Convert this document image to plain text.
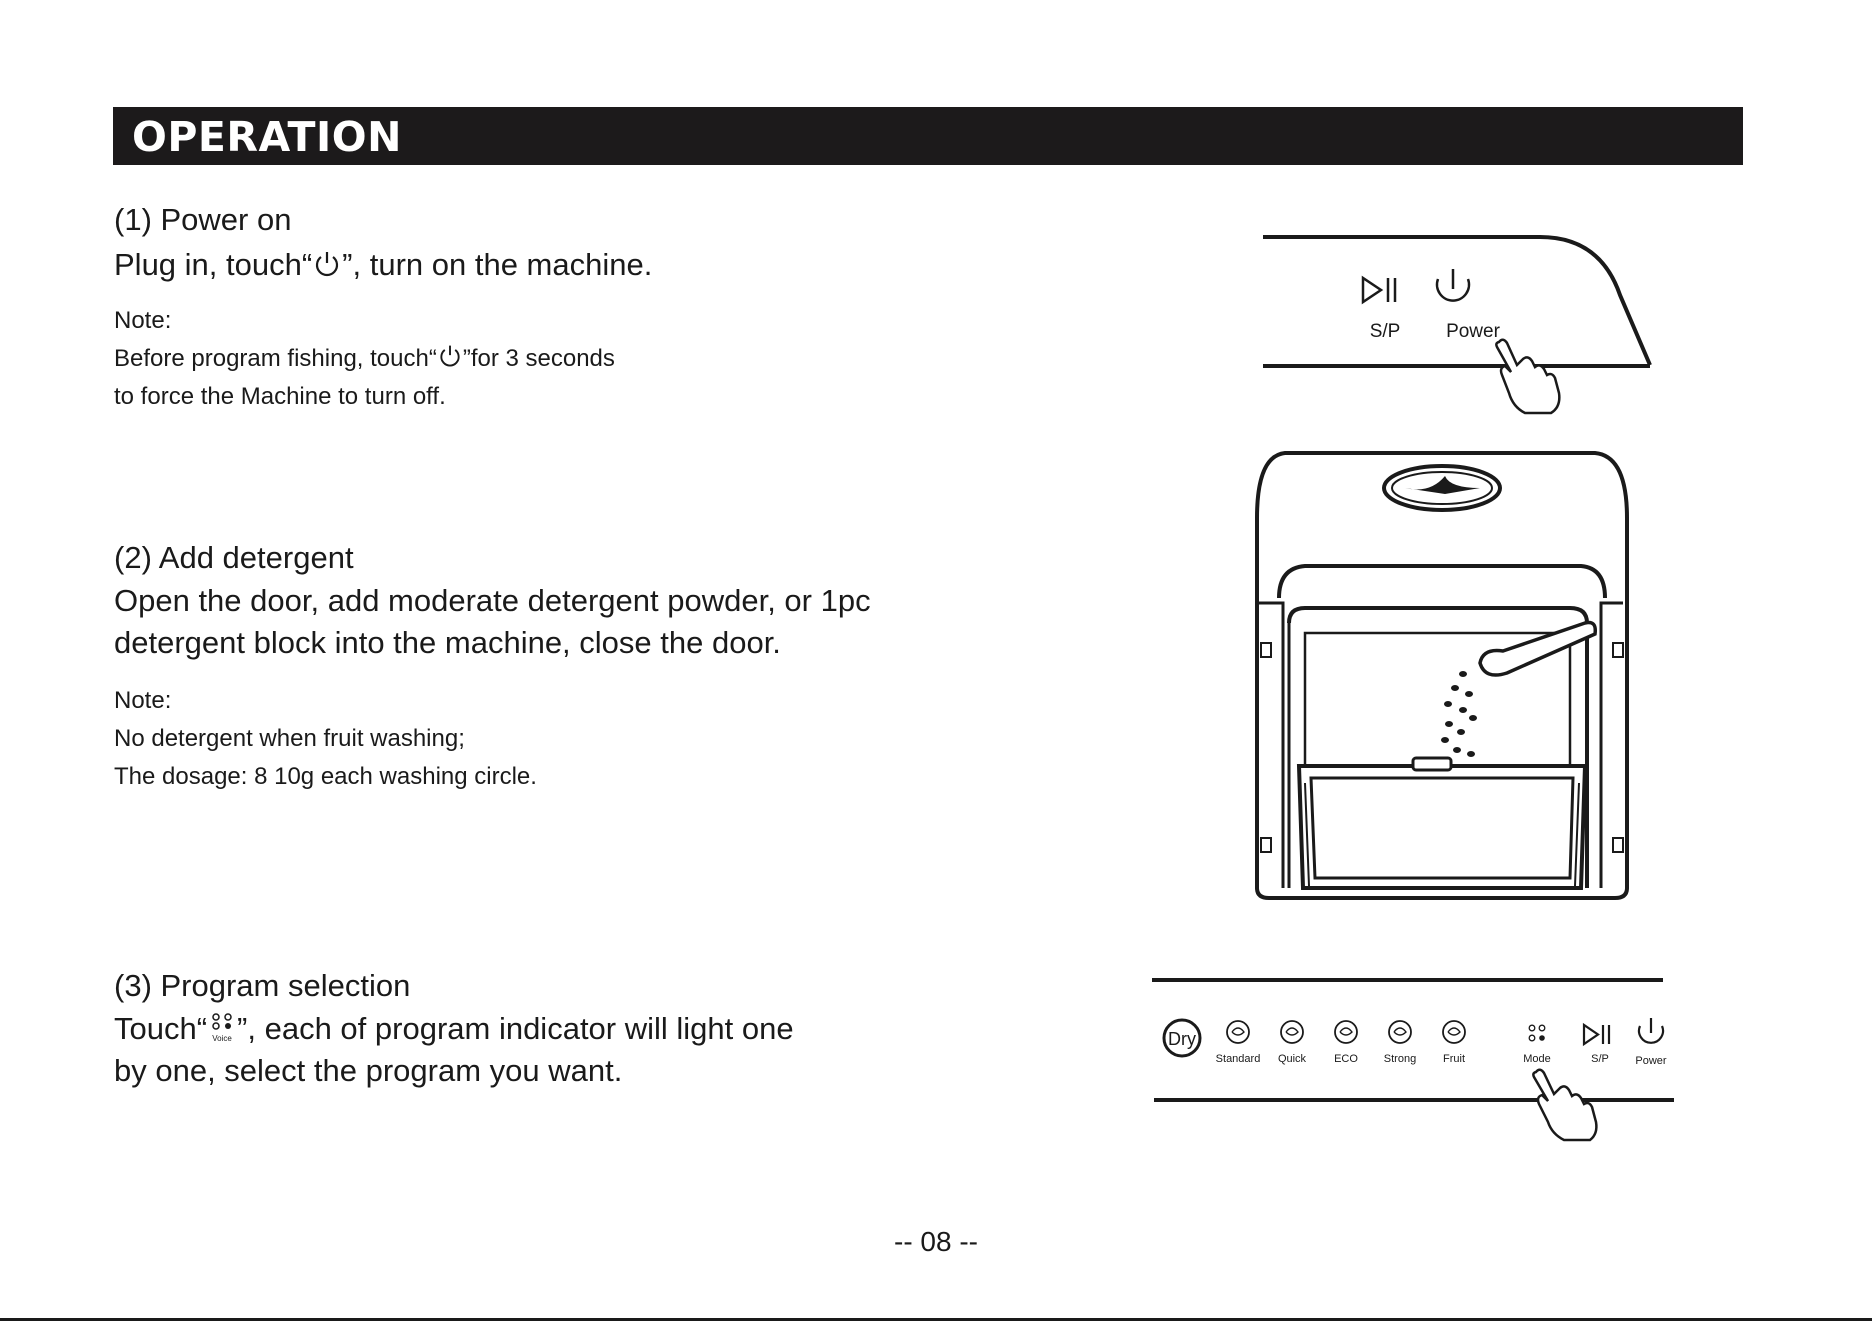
OPERATION
(1) Power on
Plug in, touch“ ”, turn on the machine.
Note:
Before program fishing, touch“ ”for 3 seconds
to force the Machine to turn off.
(2) Add detergent
Open the door, add moderate detergent powder, or 1pc
detergent block into the machine, close the door.
Note:
No detergent when fruit washing;
The dosage: 8 10g each washing circle.
(3) Program selection
Touch“ Voice ”, each of program indicator will light one
by one, select the program you want.
S/P Power
Dry
Standard Quick	ECO Strong Fruit	Mode	S/P Power
-- 08 --
